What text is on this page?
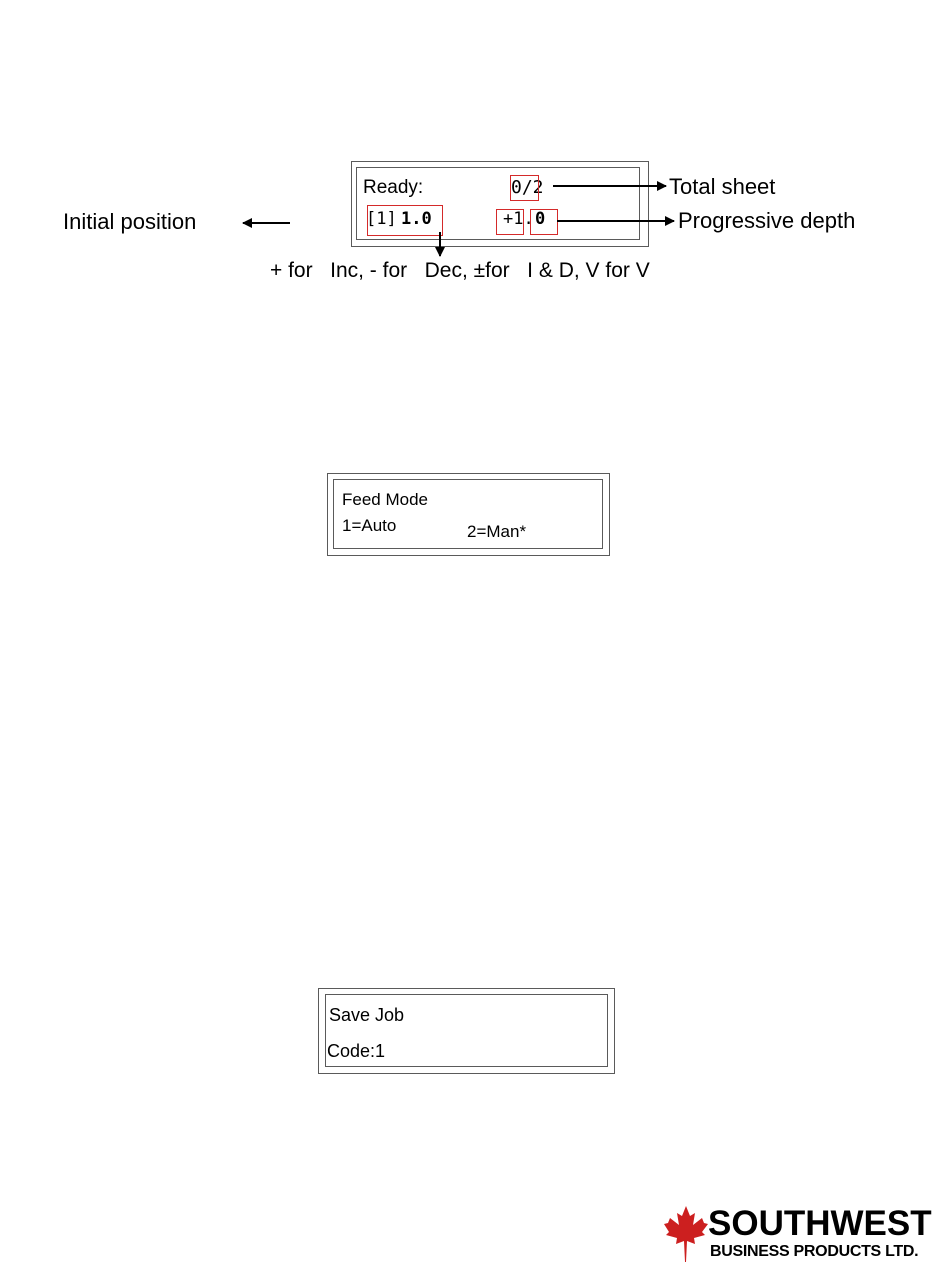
Ready:	0/2
[1] 1.0	+1. 0
Total sheet
Progressive depth
Initial position
+ for   Inc, - for   Dec, ±for   I & D, V for V
Feed Mode
1=Auto	2=Man*
Save Job
Code:1
SOUTHWEST
BUSINESS PRODUCTS LTD.
